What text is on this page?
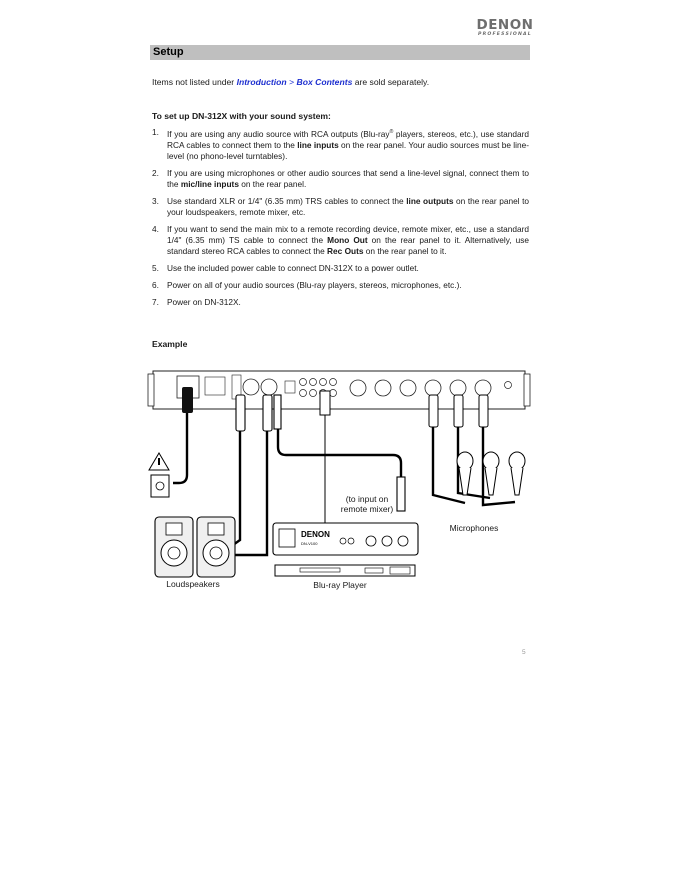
DENON
PROFESSIONAL
Setup
Items not listed under Introduction > Box Contents are sold separately.
To set up DN-312X with your sound system:
1. If you are using any audio source with RCA outputs (Blu-ray® players, stereos, etc.), use standard RCA cables to connect them to the line inputs on the rear panel. Your audio sources must be line-level (no phono-level turntables).
2. If you are using microphones or other audio sources that send a line-level signal, connect them to the mic/line inputs on the rear panel.
3. Use standard XLR or 1/4" (6.35 mm) TRS cables to connect the line outputs on the rear panel to your loudspeakers, remote mixer, etc.
4. If you want to send the main mix to a remote recording device, remote mixer, etc., use a standard 1/4" (6.35 mm) TS cable to connect the Mono Out on the rear panel to it. Alternatively, use standard stereo RCA cables to connect the Rec Outs on the rear panel to it.
5. Use the included power cable to connect DN-312X to a power outlet.
6. Power on all of your audio sources (Blu-ray players, stereos, microphones, etc.).
7. Power on DN-312X.
Example
DENON
DN-V100
(to input on
remote mixer)
Microphones
Loudspeakers	Blu-ray Player
5
